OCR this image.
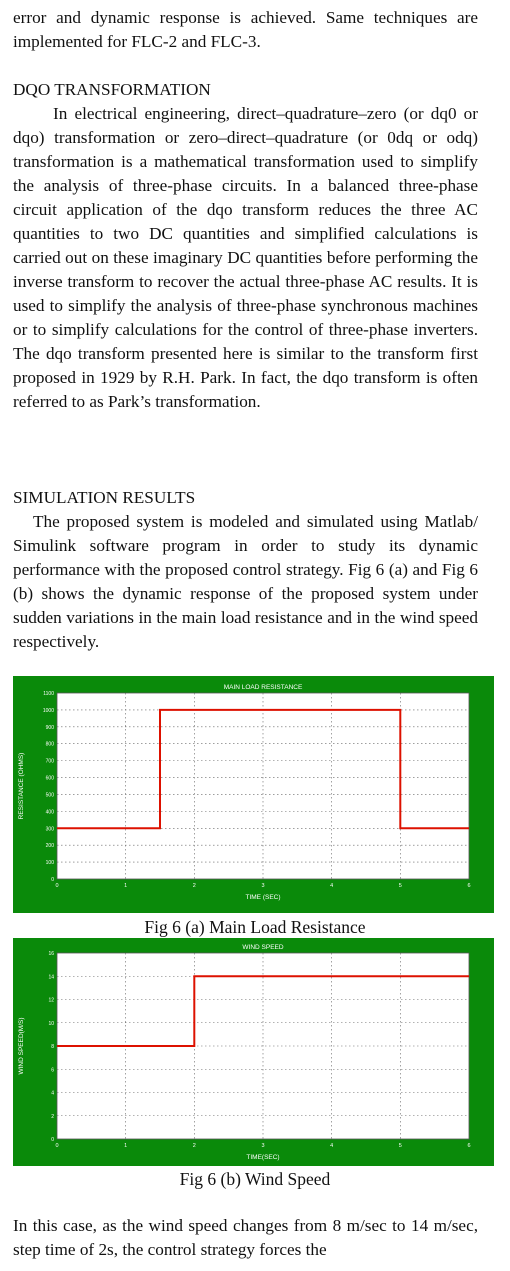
error and dynamic response is achieved. Same techniques are implemented for FLC-2 and FLC-3.

DQO TRANSFORMATION

In electrical engineering, direct–quadrature–zero (or dq0 or dqo) transformation or zero–direct–quadrature (or 0dq or odq) transformation is a mathematical transformation used to simplify the analysis of three-phase circuits. In a balanced three-phase circuit application of the dqo transform reduces the three AC quantities to two DC quantities and simplified calculations is carried out on these imaginary DC quantities before performing the inverse transform to recover the actual three-phase AC results. It is used to simplify the analysis of three-phase synchronous machines or to simplify calculations for the control of three-phase inverters. The dqo transform presented here is similar to the transform first proposed in 1929 by R.H. Park. In fact, the dqo transform is often referred to as Park’s transformation.

SIMULATION RESULTS

The proposed system is modeled and simulated using Matlab/ Simulink software program in order to study its dynamic performance with the proposed control strategy. Fig 6 (a) and Fig 6 (b) shows the dynamic response of the proposed system under sudden variations in the main load resistance and in the wind speed respectively.

0	1	2	3	4	5	6
0
100
200
300
400
500
600
700
800
900
1000
1100
MAIN LOAD RESISTANCE
TIME (SEC)
RESISTANCE (OHMS)
Fig 6 (a) Main Load Resistance
0	1	2	3	4	5	6
0
2
4
6
8
10
12
14
16
WIND SPEED
TIME(SEC)
WIND SPEED(M/S)
Fig 6 (b) Wind Speed

In this case, as the wind speed changes from 8 m/sec to 14 m/sec, step time of 2s, the control strategy forces the
